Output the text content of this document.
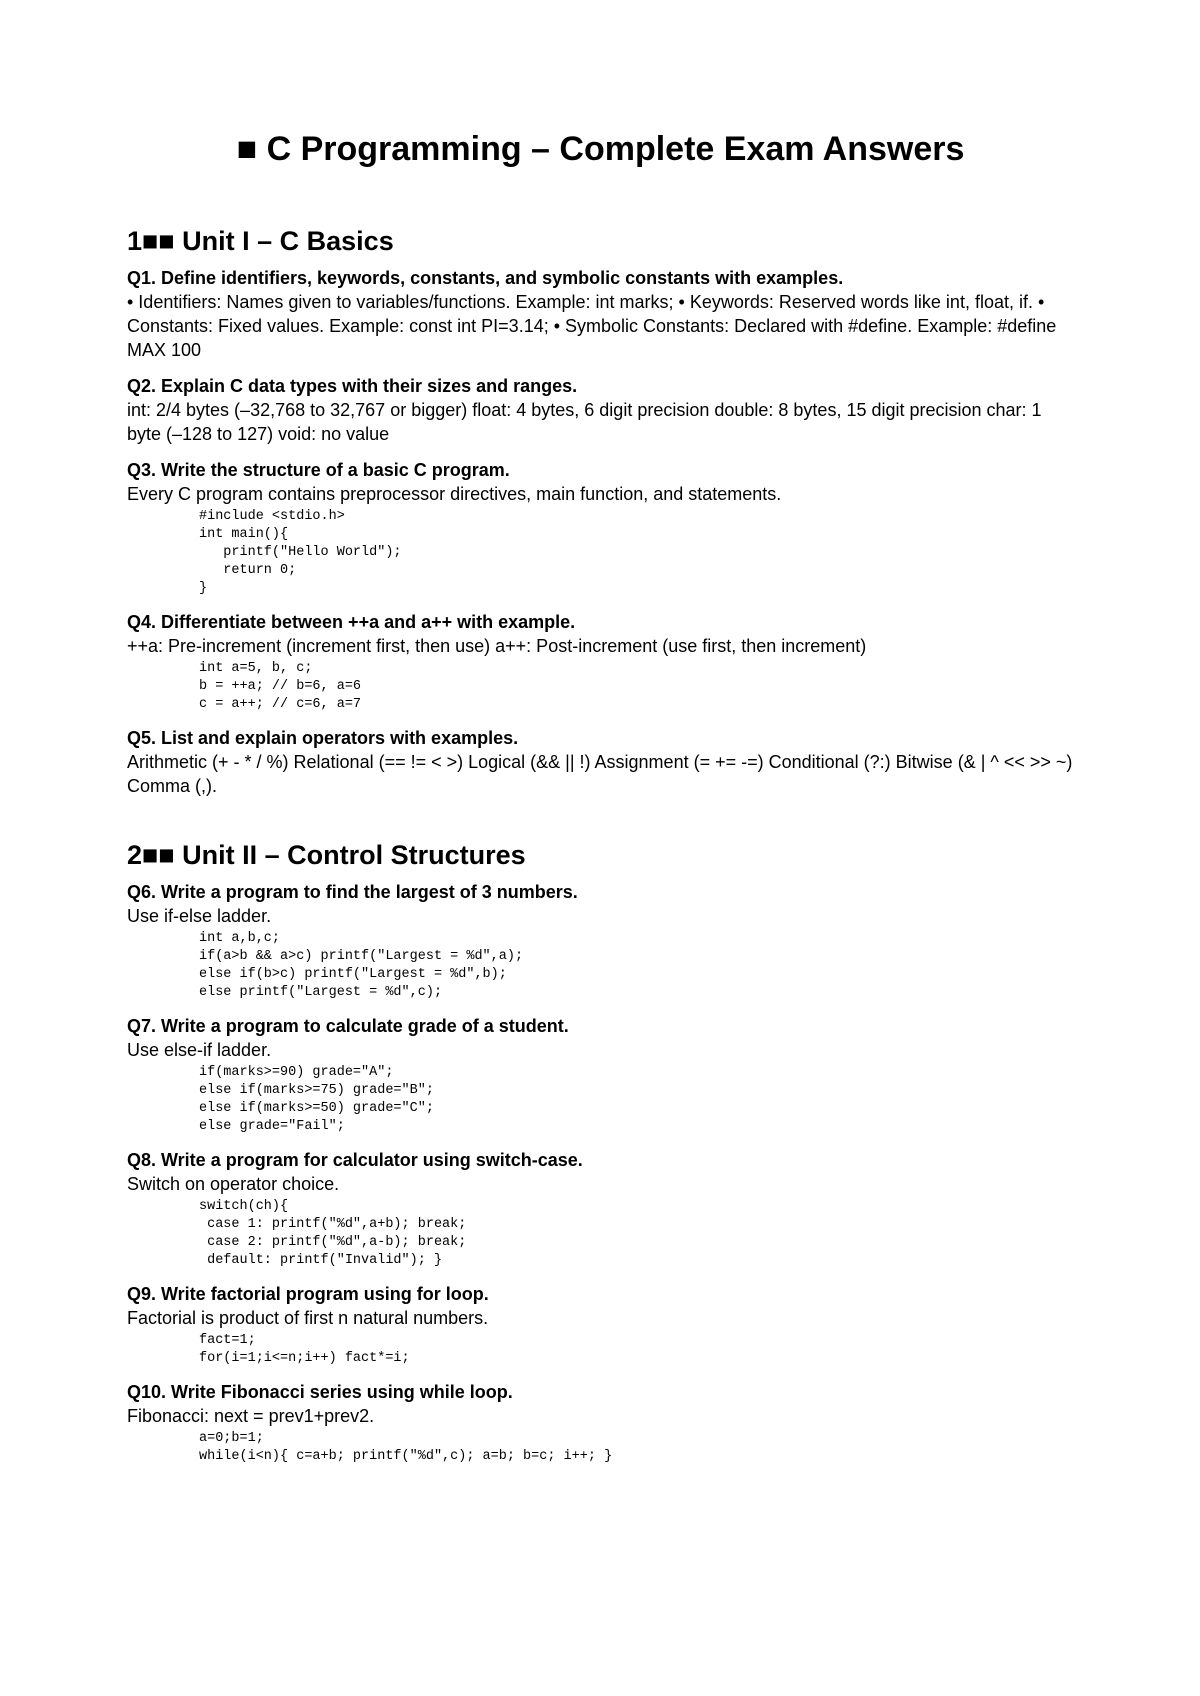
■ C Programming – Complete Exam Answers
1■■ Unit I – C Basics
Q1. Define identifiers, keywords, constants, and symbolic constants with examples.
• Identifiers: Names given to variables/functions. Example: int marks; • Keywords: Reserved words like int, float, if. • Constants: Fixed values. Example: const int PI=3.14; • Symbolic Constants: Declared with #define. Example: #define MAX 100
Q2. Explain C data types with their sizes and ranges.
int: 2/4 bytes (–32,768 to 32,767 or bigger) float: 4 bytes, 6 digit precision double: 8 bytes, 15 digit precision char: 1 byte (–128 to 127) void: no value
Q3. Write the structure of a basic C program.
Every C program contains preprocessor directives, main function, and statements.
#include <stdio.h>
int main(){
printf("Hello World");
return 0;
}
Q4. Differentiate between ++a and a++ with example.
++a: Pre-increment (increment first, then use) a++: Post-increment (use first, then increment)
int a=5, b, c;
b = ++a; // b=6, a=6
c = a++; // c=6, a=7
Q5. List and explain operators with examples.
Arithmetic (+ - * / %) Relational (== != < >) Logical (&& || !) Assignment (= += -=) Conditional (?:) Bitwise (& | ^ << >> ~) Comma (,).
2■■ Unit II – Control Structures
Q6. Write a program to find the largest of 3 numbers.
Use if-else ladder.
int a,b,c;
if(a>b && a>c) printf("Largest = %d",a);
else if(b>c) printf("Largest = %d",b);
else printf("Largest = %d",c);
Q7. Write a program to calculate grade of a student.
Use else-if ladder.
if(marks>=90) grade="A";
else if(marks>=75) grade="B";
else if(marks>=50) grade="C";
else grade="Fail";
Q8. Write a program for calculator using switch-case.
Switch on operator choice.
switch(ch){
case 1: printf("%d",a+b); break;
case 2: printf("%d",a-b); break;
default: printf("Invalid"); }
Q9. Write factorial program using for loop.
Factorial is product of first n natural numbers.
fact=1;
for(i=1;i<=n;i++) fact*=i;
Q10. Write Fibonacci series using while loop.
Fibonacci: next = prev1+prev2.
a=0;b=1;
while(i<n){ c=a+b; printf("%d",c); a=b; b=c; i++; }
